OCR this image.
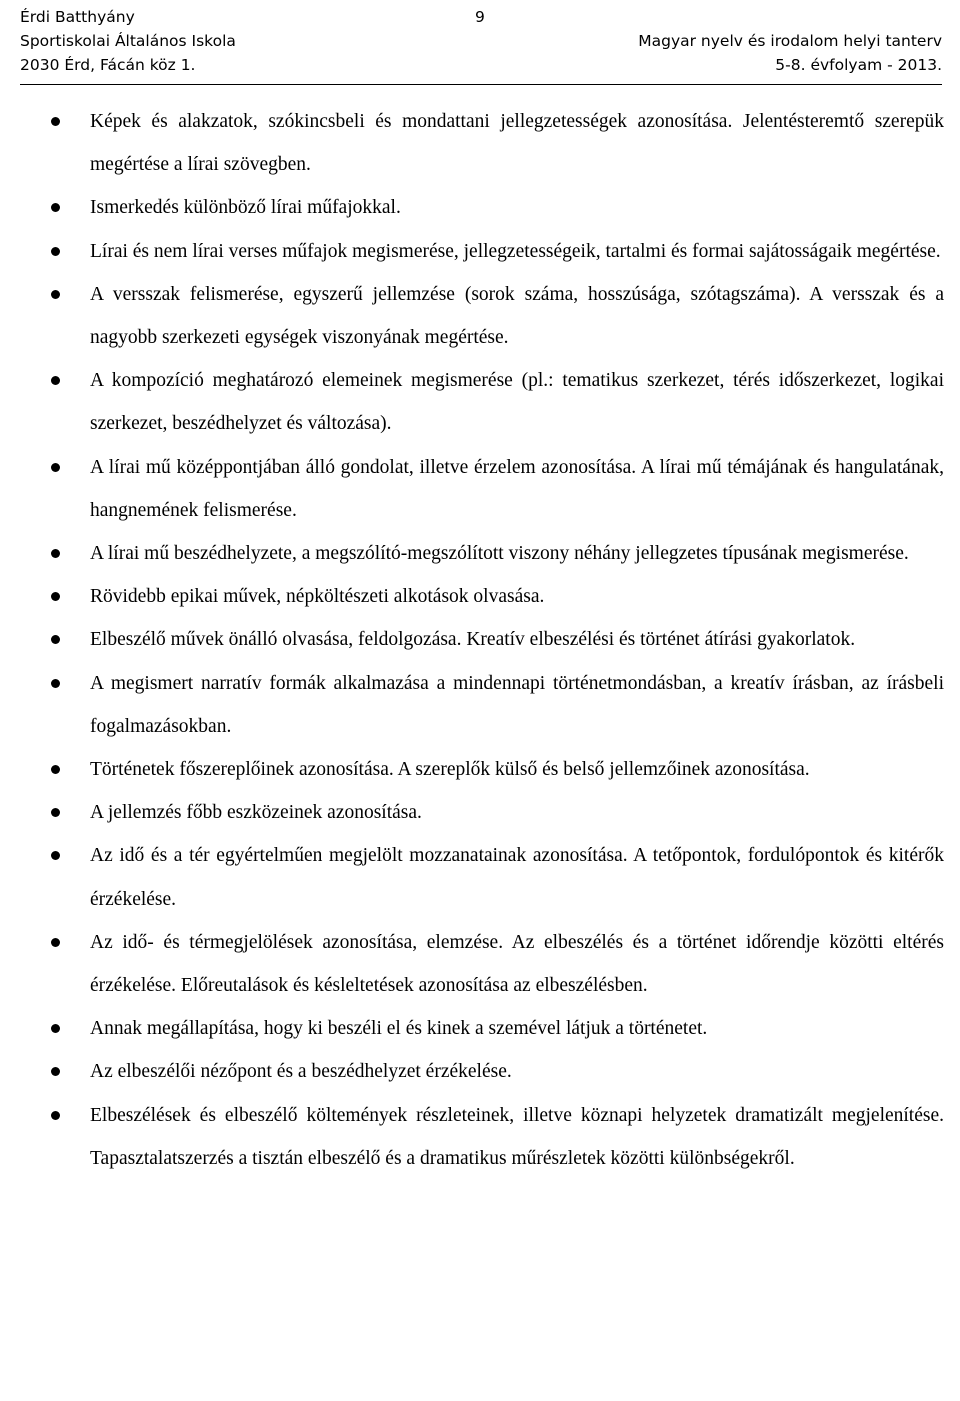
Érdi Batthyány	9
Sportiskolai Általános Iskola	Magyar nyelv és irodalom helyi tanterv
2030 Érd, Fácán köz 1.	5-8. évfolyam - 2013.
Képek és alakzatok, szókincsbeli és mondattani jellegzetességek azonosítása. Jelentésteremtő szerepük megértése a lírai szövegben.
Ismerkedés különböző lírai műfajokkal.
Lírai és nem lírai verses műfajok megismerése, jellegzetességeik, tartalmi és formai sajátosságaik megértése.
A versszak felismerése, egyszerű jellemzése (sorok száma, hosszúsága, szótagszáma). A versszak és a nagyobb szerkezeti egységek viszonyának megértése.
A kompozíció meghatározó elemeinek megismerése (pl.: tematikus szerkezet, térés időszerkezet, logikai szerkezet, beszédhelyzet és változása).
A lírai mű középpontjában álló gondolat, illetve érzelem azonosítása. A lírai mű témájának és hangulatának, hangnemének felismerése.
A lírai mű beszédhelyzete, a megszólító-megszólított viszony néhány jellegzetes típusának megismerése.
Rövidebb epikai művek, népköltészeti alkotások olvasása.
Elbeszélő művek önálló olvasása, feldolgozása. Kreatív elbeszélési és történet átírási gyakorlatok.
A megismert narratív formák alkalmazása a mindennapi történetmondásban, a kreatív írásban, az írásbeli fogalmazásokban.
Történetek főszereplőinek azonosítása. A szereplők külső és belső jellemzőinek azonosítása.
A jellemzés főbb eszközeinek azonosítása.
Az idő és a tér egyértelműen megjelölt mozzanatainak azonosítása. A tetőpontok, fordulópontok és kitérők érzékelése.
Az idő- és térmegjelölések azonosítása, elemzése. Az elbeszélés és a történet időrendje közötti eltérés érzékelése. Előreutalások és késleltetések azonosítása az elbeszélésben.
Annak megállapítása, hogy ki beszéli el és kinek a szemével látjuk a történetet.
Az elbeszélői nézőpont és a beszédhelyzet érzékelése.
Elbeszélések és elbeszélő költemények részleteinek, illetve köznapi helyzetek dramatizált megjelenítése. Tapasztalatszerzés a tisztán elbeszélő és a dramatikus műrészletek közötti különbségekről.
